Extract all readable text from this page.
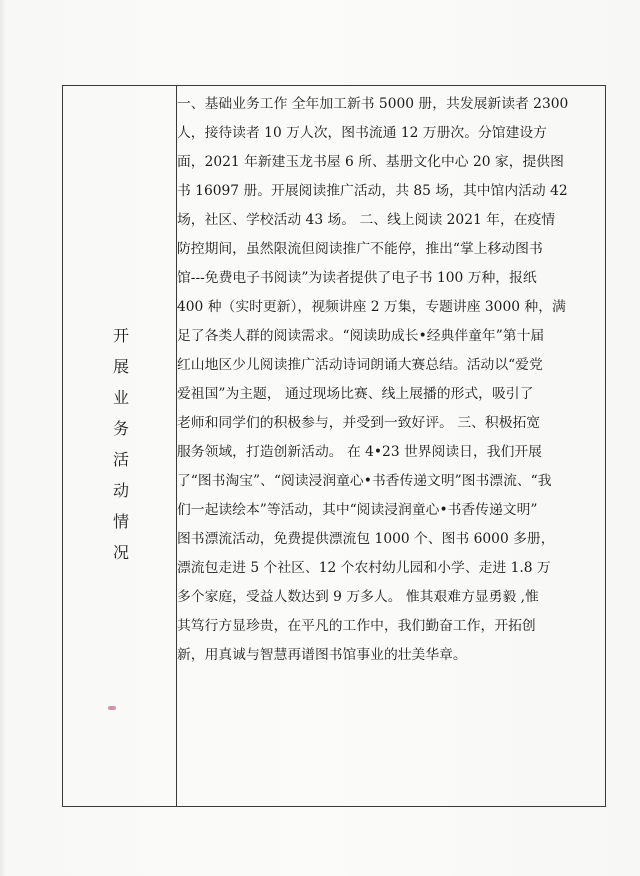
开
展
业
务
活
动
情
况
一、基础业务工作 全年加工新书 5000 册，共发展新读者 2300
人，接待读者 10 万人次，图书流通 12 万册次。分馆建设方
面，2021 年新建玉龙书屋 6 所、基册文化中心 20 家，提供图
书 16097 册。开展阅读推广活动，共 85 场，其中馆内活动 42
场，社区、学校活动 43 场。 二、线上阅读 2021 年，在疫情
防控期间，虽然限流但阅读推广不能停，推出“掌上移动图书
馆---免费电子书阅读”为读者提供了电子书 100 万种，报纸
400 种（实时更新），视频讲座 2 万集，专题讲座 3000 种，满
足了各类人群的阅读需求。“阅读助成长•经典伴童年”第十届
红山地区少儿阅读推广活动诗词朗诵大赛总结。活动以“爱党
爱祖国”为主题， 通过现场比赛、线上展播的形式，吸引了
老师和同学们的积极参与，并受到一致好评。 三、积极拓宽
服务领域，打造创新活动。 在 4•23 世界阅读日，我们开展
了“图书淘宝”、“阅读浸润童心•书香传递文明”图书漂流、“我
们一起读绘本”等活动，其中“阅读浸润童心•书香传递文明”
图书漂流活动，免费提供漂流包 1000 个、图书 6000 多册，
漂流包走进 5 个社区、12 个农村幼儿园和小学、走进 1.8 万
多个家庭，受益人数达到 9 万多人。 惟其艰难方显勇毅 ,惟
其笃行方显珍贵，在平凡的工作中，我们勤奋工作，开拓创
新，用真诚与智慧再谱图书馆事业的壮美华章。
